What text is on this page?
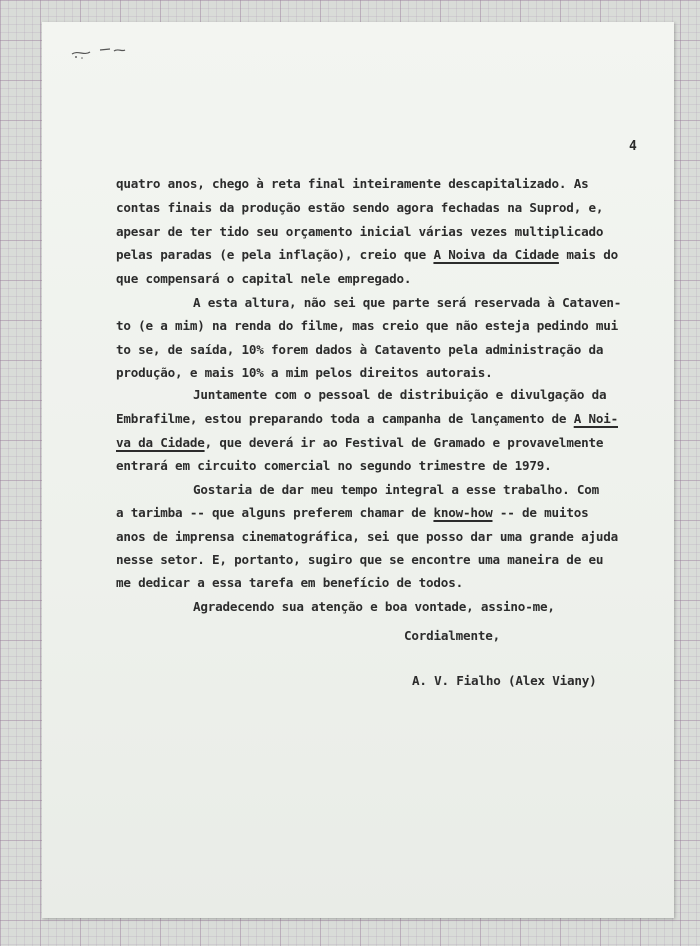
4
quatro anos, chego à reta final inteiramente descapitalizado. As
contas finais da produção estão sendo agora fechadas na Suprod, e,
apesar de ter tido seu orçamento inicial várias vezes multiplicado
pelas paradas (e pela inflação), creio que A Noiva da Cidade mais do
que compensará o capital nele empregado.
A esta altura, não sei que parte será reservada à Cataven-
to (e a mim) na renda do filme, mas creio que não esteja pedindo mui
to se, de saída, 10% forem dados à Catavento pela administração da
produção, e mais 10% a mim pelos direitos autorais.
Juntamente com o pessoal de distribuição e divulgação da
Embrafilme, estou preparando toda a campanha de lançamento de A Noi-
va da Cidade, que deverá ir ao Festival de Gramado e provavelmente
entrará em circuito comercial no segundo trimestre de 1979.
Gostaria de dar meu tempo integral a esse trabalho. Com
a tarimba -- que alguns preferem chamar de know-how -- de muitos
anos de imprensa cinematográfica, sei que posso dar uma grande ajuda
nesse setor. E, portanto, sugiro que se encontre uma maneira de eu
me dedicar a essa tarefa em benefício de todos.
Agradecendo sua atenção e boa vontade, assino-me,
Cordialmente,
A. V. Fialho (Alex Viany)
